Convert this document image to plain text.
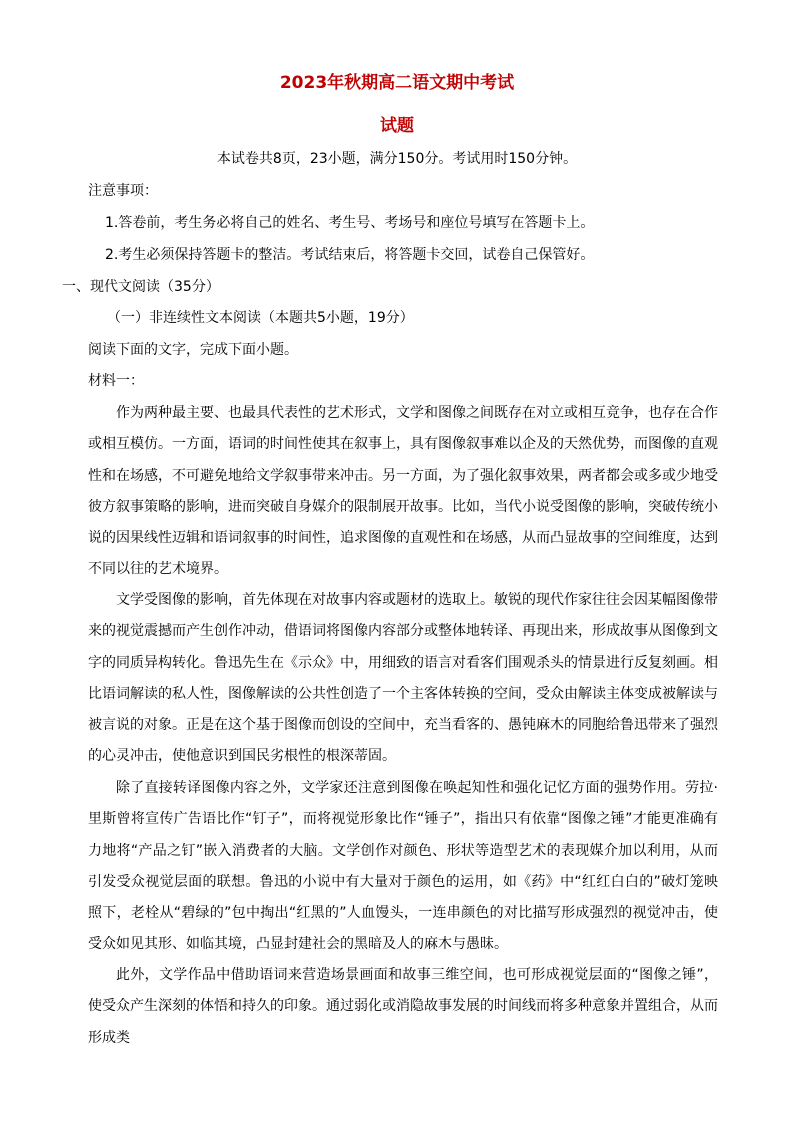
2023年秋期高二语文期中考试
试题
本试卷共8页，23小题，满分150分。考试用时150分钟。
注意事项：
1.答卷前，考生务必将自己的姓名、考生号、考场号和座位号填写在答题卡上。
2.考生必须保持答题卡的整洁。考试结束后，将答题卡交回，试卷自己保管好。
一、现代文阅读（35分）
（一）非连续性文本阅读（本题共5小题，19分）
阅读下面的文字，完成下面小题。
材料一：

作为两种最主要、也最具代表性的艺术形式，文学和图像之间既存在对立或相互竞争，也存在合作或相互模仿。一方面，语词的时间性使其在叙事上，具有图像叙事难以企及的天然优势，而图像的直观性和在场感，不可避免地给文学叙事带来冲击。另一方面，为了强化叙事效果，两者都会或多或少地受彼方叙事策略的影响，进而突破自身媒介的限制展开故事。比如，当代小说受图像的影响，突破传统小说的因果线性迈辑和语词叙事的时间性，追求图像的直观性和在场感，从而凸显故事的空间维度，达到不同以往的艺术境界。

文学受图像的影响，首先体现在对故事内容或题材的选取上。敏锐的现代作家往往会因某幅图像带来的视觉震撼而产生创作冲动，借语词将图像内容部分或整体地转译、再现出来，形成故事从图像到文字的同质异构转化。鲁迅先生在《示众》中，用细致的语言对看客们围观杀头的情景进行反复刻画。相比语词解读的私人性，图像解读的公共性创造了一个主客体转换的空间，受众由解读主体变成被解读与被言说的对象。正是在这个基于图像而创设的空间中，充当看客的、愚钝麻木的同胞给鲁迅带来了强烈的心灵冲击，使他意识到国民劣根性的根深蒂固。

除了直接转译图像内容之外，文学家还注意到图像在唤起知性和强化记忆方面的强势作用。劳拉·里斯曾将宣传广告语比作“钉子”，而将视觉形象比作“锤子”，指出只有依靠“图像之锤”才能更准确有力地将“产品之钉”嵌入消费者的大脑。文学创作对颜色、形状等造型艺术的表现媒介加以利用，从而引发受众视觉层面的联想。鲁迅的小说中有大量对于颜色的运用，如《药》中“红红白白的”破灯笼映照下，老栓从“碧绿的”包中掏出“红黑的”人血馒头，一连串颜色的对比描写形成强烈的视觉冲击，使受众如见其形、如临其境，凸显封建社会的黑暗及人的麻木与愚昧。

此外，文学作品中借助语词来营造场景画面和故事三维空间，也可形成视觉层面的“图像之锤”，使受众产生深刻的体悟和持久的印象。通过弱化或消隐故事发展的时间线而将多种意象并置组合，从而形成类
